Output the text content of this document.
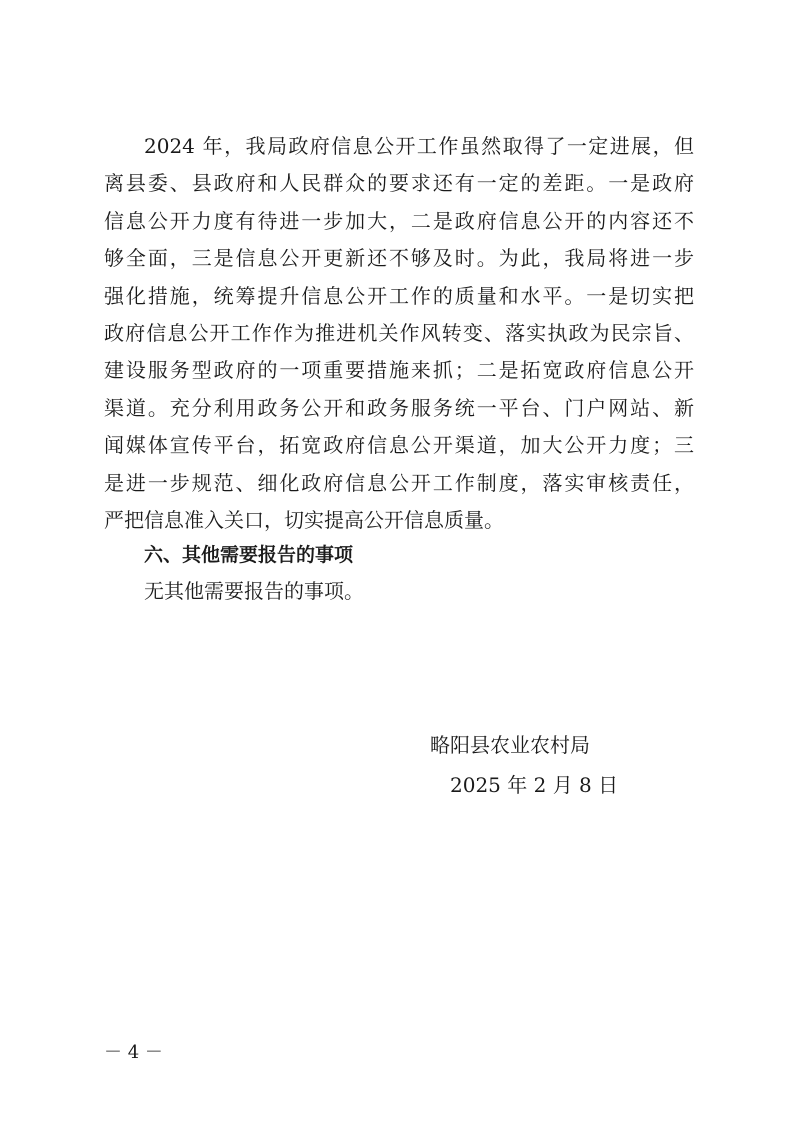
2024 年，我局政府信息公开工作虽然取得了一定进展，但
离县委、县政府和人民群众的要求还有一定的差距。一是政府
信息公开力度有待进一步加大，二是政府信息公开的内容还不
够全面，三是信息公开更新还不够及时。为此，我局将进一步
强化措施，统筹提升信息公开工作的质量和水平。一是切实把
政府信息公开工作作为推进机关作风转变、落实执政为民宗旨、
建设服务型政府的一项重要措施来抓；二是拓宽政府信息公开
渠道。充分利用政务公开和政务服务统一平台、门户网站、新
闻媒体宣传平台，拓宽政府信息公开渠道，加大公开力度；三
是进一步规范、细化政府信息公开工作制度，落实审核责任，
严把信息准入关口，切实提高公开信息质量。
六、其他需要报告的事项
无其他需要报告的事项。
略阳县农业农村局
2025 年 2 月 8 日
－ 4 －
